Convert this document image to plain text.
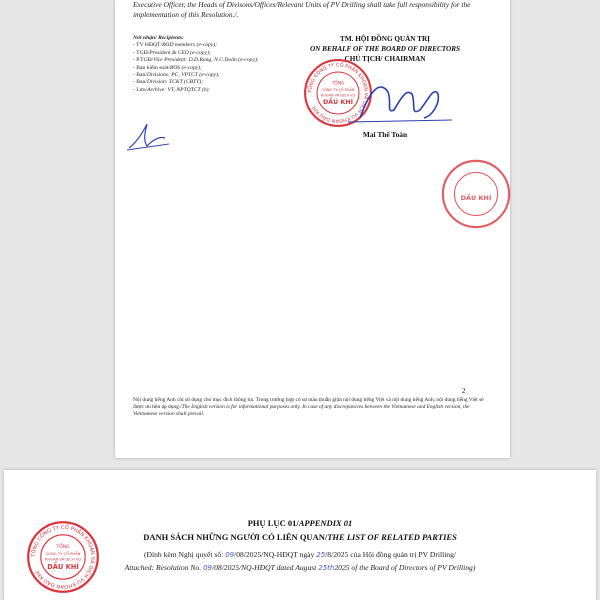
Executive Officer, the Heads of Divisons/Offices/Relevant Units of PV Drilling shall take full responsibility for the implementation of this Resolution./.
Nơi nhận/ Recipients:
- TV HĐQT/BOD members (e-copy);
- TGĐ/President & CEO (e-copy);
- P.TGĐ/Vice President: D.D.Rang, N.C.Doãn (e-copy);
- Ban kiểm soát/BOS (e-copy);
- Ban/Divisions: PC, VPTCT (e-copy);
- Ban/Division: TCKT (CBTT);
- Lưu/Archive: VT, NPTQTCT (h).
TM. HỘI ĐỒNG QUẢN TRỊ
ON BEHALF OF THE BOARD OF DIRECTORS
CHỦ TỊCH/ CHAIRMAN
TỔNG CÔNG TY CỔ PHẦN KHOAN VÀ DỊCH VỤ KHOAN DẦU KHÍ
TỔNG
CÔNG TY CỔ PHẦN
KHOAN VÀ DỊCH VỤ
DẦU KHÍ
Mai Thế Toàn
DẦU KHÍ
2
Nội dung tiếng Anh chỉ sử dụng cho mục đích thông tin. Trong trường hợp có sự mâu thuẫn giữa nội dung tiếng Việt và nội dung tiếng Anh, nội dung tiếng Việt sẽ được ưu tiên áp dụng./The English version is for informational purposes only. In case of any discrepancies between the Vietnamese and English version, the Vietnamese version shall prevail.
TỔNG CÔNG TY CỔ PHẦN KHOAN VÀ DỊCH VỤ KHOAN DẦU KHÍ
TỔNG
CÔNG TY CỔ PHẦN
KHOAN VÀ DỊCH VỤ
DẦU KHÍ
PHỤ LỤC 01/APPENDIX 01
DANH SÁCH NHỮNG NGƯỜI CÓ LIÊN QUAN/THE LIST OF RELATED PARTIES
(Đính kèm Nghị quyết số: 09/08/2025/NQ-HĐQT ngày 25/8/2025 của Hội đồng quản trị PV Drilling/
Attached: Resolution No. 09/08/2025/NQ-HĐQT dated August 25th2025 of the Board of Directors of PV Drilling)
